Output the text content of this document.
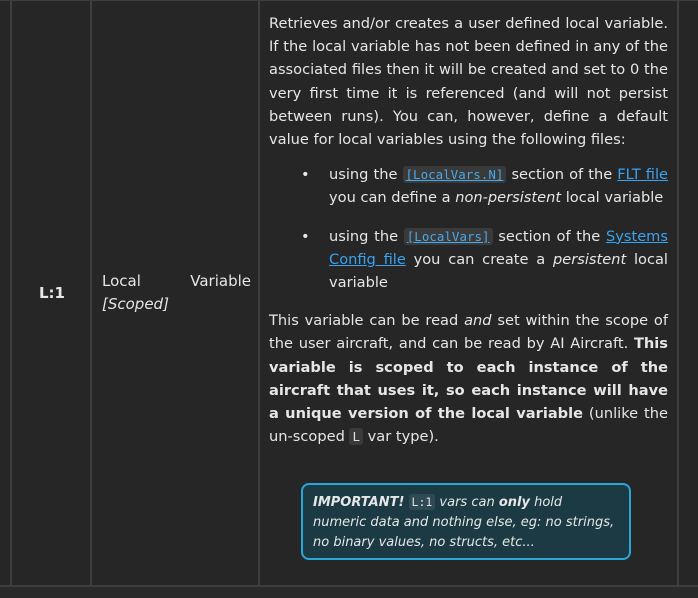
L:1
Local	Variable
[Scoped]

Retrieves and/or creates a user defined local variable. If the local variable has not been defined in any of the associated files then it will be created and set to 0 the very first time it is referenced (and will not persist between runs). You can, however, define a default value for local variables using the following files:

• using the [LocalVars.N] section of the FLT file you can define a non-persistent local variable
• using the [LocalVars] section of the Systems Config file you can create a persistent local variable

This variable can be read and set within the scope of the user aircraft, and can be read by AI Aircraft. This variable is scoped to each instance of the aircraft that uses it, so each instance will have a unique version of the local variable (unlike the un-scoped L var type).

IMPORTANT! L:1 vars can only hold numeric data and nothing else, eg: no strings, no binary values, no structs, etc...
